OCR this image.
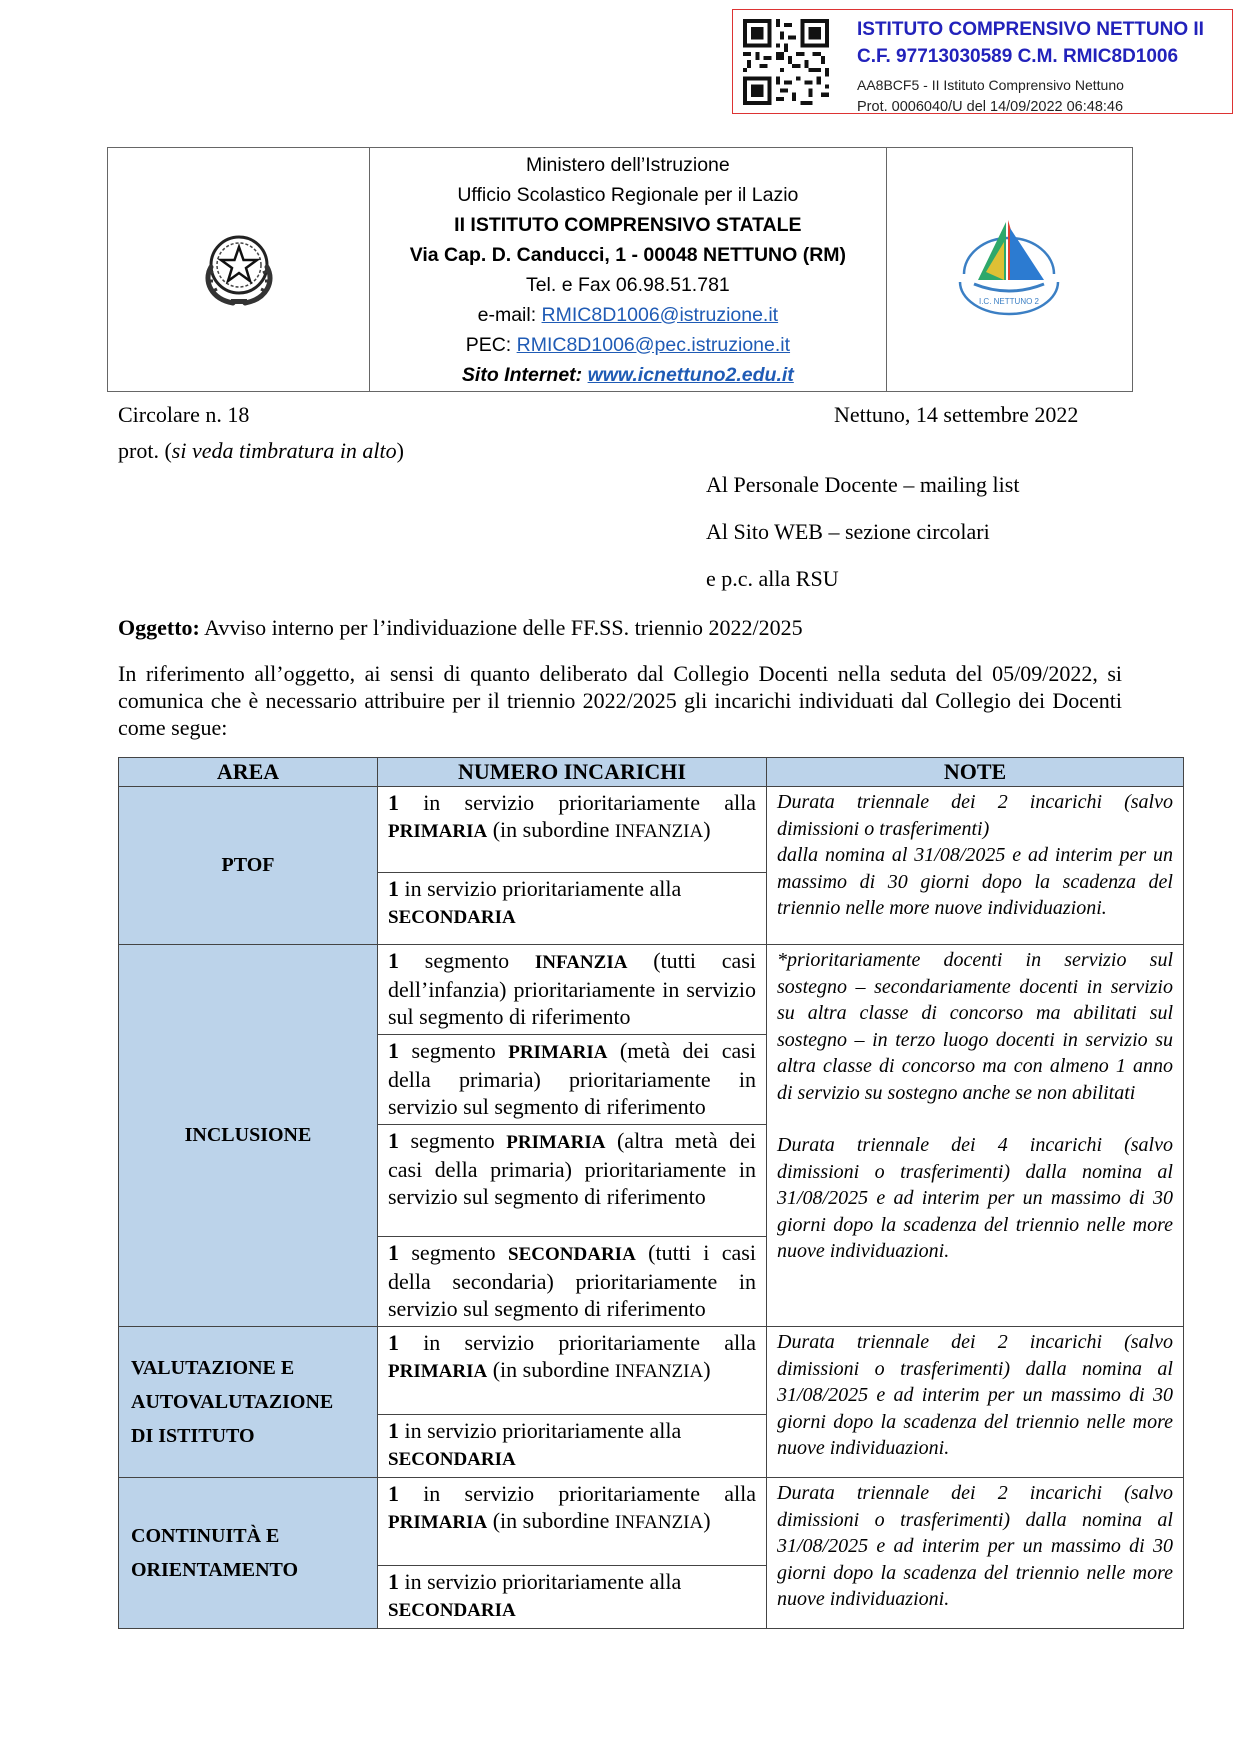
ISTITUTO COMPRENSIVO NETTUNO II
C.F. 97713030589 C.M. RMIC8D1006
AA8BCF5 - II Istituto Comprensivo Nettuno
Prot. 0006040/U del 14/09/2022 06:48:46

Ministero dell’Istruzione
Ufficio Scolastico Regionale per il Lazio
II ISTITUTO COMPRENSIVO STATALE
Via Cap. D. Canducci, 1 - 00048 NETTUNO (RM)
Tel. e Fax 06.98.51.781
e-mail: RMIC8D1006@istruzione.it
PEC: RMIC8D1006@pec.istruzione.it
Sito Internet: www.icnettuno2.edu.it

I.C. NETTUNO 2
Circolare n. 18	Nettuno, 14 settembre 2022
prot. (si veda timbratura in alto)
Al Personale Docente – mailing list
Al Sito WEB – sezione circolari
e p.c. alla RSU
Oggetto: Avviso interno per l’individuazione delle FF.SS. triennio 2022/2025
In riferimento all’oggetto, ai sensi di quanto deliberato dal Collegio Docenti nella seduta del 05/09/2022, si comunica che è necessario attribuire per il triennio 2022/2025 gli incarichi individuati dal Collegio dei Docenti come segue:
AREA	NUMERO INCARICHI	NOTE
PTOF	1 in servizio prioritariamente alla PRIMARIA (in subordine INFANZIA)	Durata triennale dei 2 incarichi (salvo dimissioni o trasferimenti)

dalla nomina al 31/08/2025 e ad interim per un massimo di 30 giorni dopo la scadenza del triennio nelle more nuove individuazioni.

	1 in servizio prioritariamente alla
SECONDARIA	
INCLUSIONE	1 segmento INFANZIA (tutti casi dell’infanzia) prioritariamente in servizio sul segmento di riferimento	*prioritariamente docenti in servizio sul sostegno – secondariamente docenti in servizio su altra classe di concorso ma abilitati sul sostegno – in terzo luogo docenti in servizio su altra classe di concorso ma con almeno 1 anno di servizio su sostegno anche se non abilitati

Durata triennale dei 4 incarichi (salvo dimissioni o trasferimenti) dalla nomina al 31/08/2025 e ad interim per un massimo di 30 giorni dopo la scadenza del triennio nelle more nuove individuazioni.

	1 segmento PRIMARIA (metà dei casi della primaria) prioritariamente in servizio sul segmento di riferimento	
	1 segmento PRIMARIA (altra metà dei casi della primaria) prioritariamente in servizio sul segmento di riferimento	
	1 segmento SECONDARIA (tutti i casi della secondaria) prioritariamente in servizio sul segmento di riferimento	

VALUTAZIONE E
AUTOVALUTAZIONE
DI ISTITUTO	1 in servizio prioritariamente alla PRIMARIA (in subordine INFANZIA)	Durata triennale dei 2 incarichi (salvo dimissioni o trasferimenti) dalla nomina al 31/08/2025 e ad interim per un massimo di 30 giorni dopo la scadenza del triennio nelle more nuove individuazioni.
	1 in servizio prioritariamente alla
SECONDARIA	

CONTINUITÀ E
ORIENTAMENTO	1 in servizio prioritariamente alla PRIMARIA (in subordine INFANZIA)	Durata triennale dei 2 incarichi (salvo dimissioni o trasferimenti) dalla nomina al 31/08/2025 e ad interim per un massimo di 30 giorni dopo la scadenza del triennio nelle more nuove individuazioni.
	1 in servizio prioritariamente alla
SECONDARIA	
